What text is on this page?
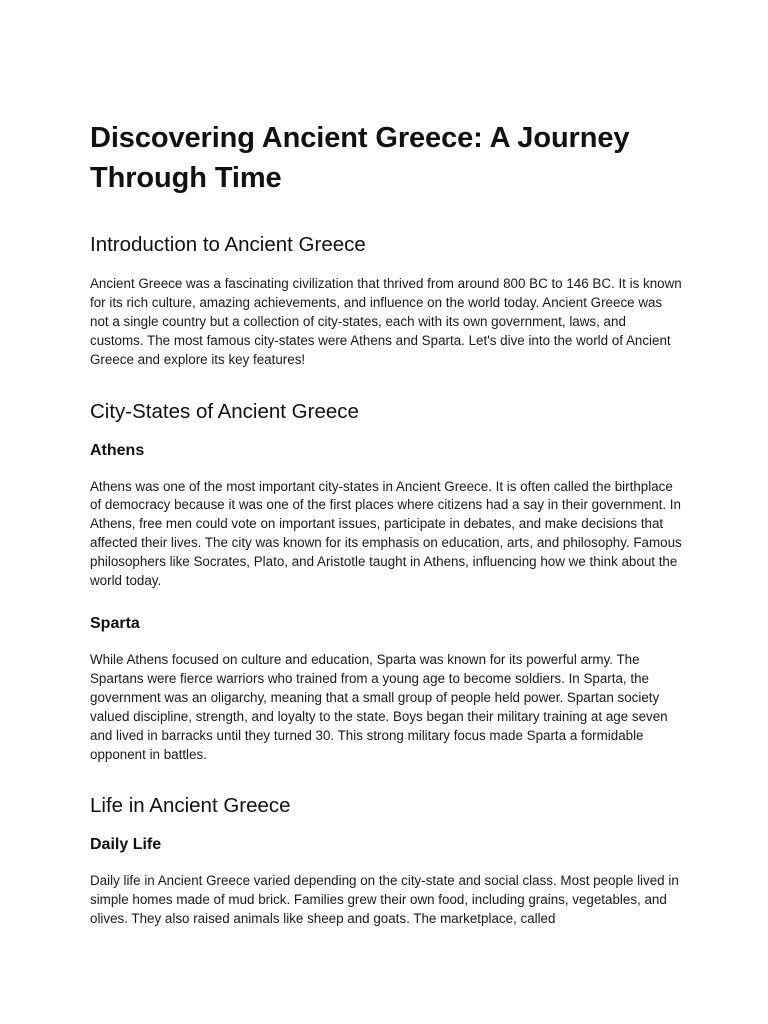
Discovering Ancient Greece: A Journey Through Time
Introduction to Ancient Greece

Ancient Greece was a fascinating civilization that thrived from around 800 BC to 146 BC. It is known for its rich culture, amazing achievements, and influence on the world today. Ancient Greece was not a single country but a collection of city-states, each with its own government, laws, and customs. The most famous city-states were Athens and Sparta. Let's dive into the world of Ancient Greece and explore its key features!

City-States of Ancient Greece
Athens

Athens was one of the most important city-states in Ancient Greece. It is often called the birthplace of democracy because it was one of the first places where citizens had a say in their government. In Athens, free men could vote on important issues, participate in debates, and make decisions that affected their lives. The city was known for its emphasis on education, arts, and philosophy. Famous philosophers like Socrates, Plato, and Aristotle taught in Athens, influencing how we think about the world today.

Sparta

While Athens focused on culture and education, Sparta was known for its powerful army. The Spartans were fierce warriors who trained from a young age to become soldiers. In Sparta, the government was an oligarchy, meaning that a small group of people held power. Spartan society valued discipline, strength, and loyalty to the state. Boys began their military training at age seven and lived in barracks until they turned 30. This strong military focus made Sparta a formidable opponent in battles.

Life in Ancient Greece
Daily Life

Daily life in Ancient Greece varied depending on the city-state and social class. Most people lived in simple homes made of mud brick. Families grew their own food, including grains, vegetables, and olives. They also raised animals like sheep and goats. The marketplace, called
